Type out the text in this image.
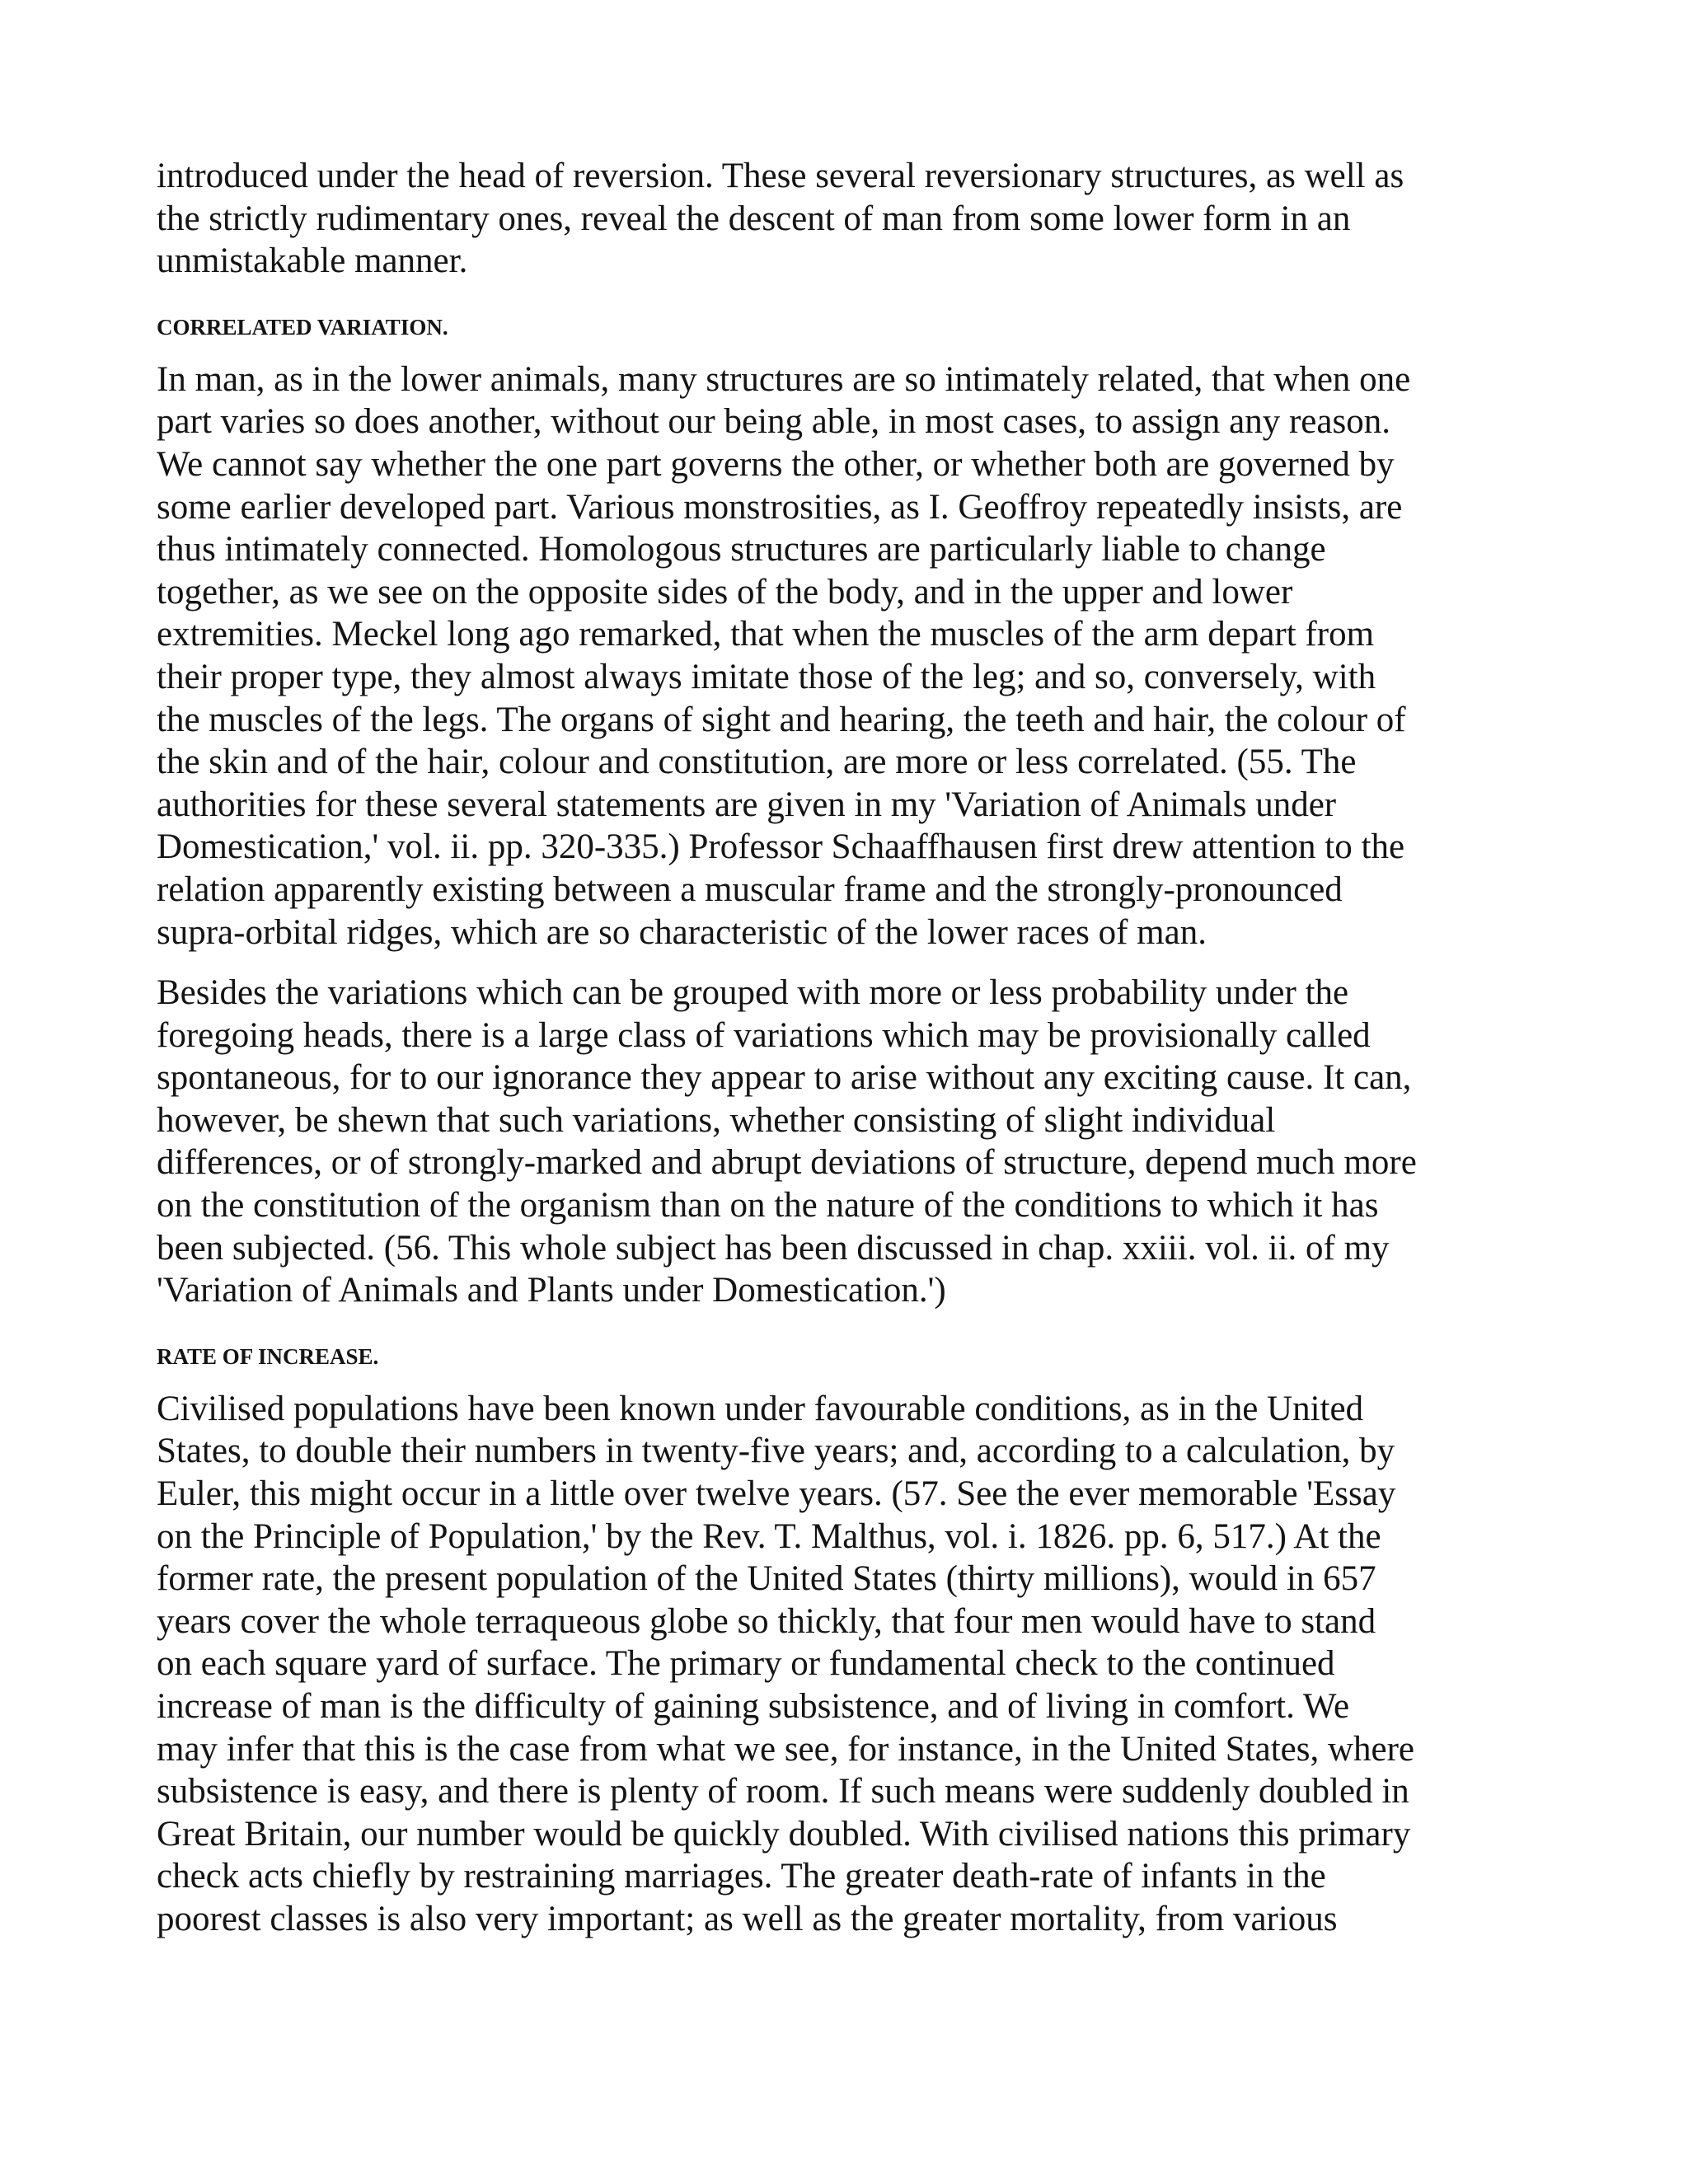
introduced under the head of reversion. These several reversionary structures, as well as
the strictly rudimentary ones, reveal the descent of man from some lower form in an
unmistakable manner.

CORRELATED VARIATION.

In man, as in the lower animals, many structures are so intimately related, that when one
part varies so does another, without our being able, in most cases, to assign any reason.
We cannot say whether the one part governs the other, or whether both are governed by
some earlier developed part. Various monstrosities, as I. Geoffroy repeatedly insists, are
thus intimately connected. Homologous structures are particularly liable to change
together, as we see on the opposite sides of the body, and in the upper and lower
extremities. Meckel long ago remarked, that when the muscles of the arm depart from
their proper type, they almost always imitate those of the leg; and so, conversely, with
the muscles of the legs. The organs of sight and hearing, the teeth and hair, the colour of
the skin and of the hair, colour and constitution, are more or less correlated. (55. The
authorities for these several statements are given in my 'Variation of Animals under
Domestication,' vol. ii. pp. 320-335.) Professor Schaaffhausen first drew attention to the
relation apparently existing between a muscular frame and the strongly-pronounced
supra-orbital ridges, which are so characteristic of the lower races of man.

Besides the variations which can be grouped with more or less probability under the
foregoing heads, there is a large class of variations which may be provisionally called
spontaneous, for to our ignorance they appear to arise without any exciting cause. It can,
however, be shewn that such variations, whether consisting of slight individual
differences, or of strongly-marked and abrupt deviations of structure, depend much more
on the constitution of the organism than on the nature of the conditions to which it has
been subjected. (56. This whole subject has been discussed in chap. xxiii. vol. ii. of my
'Variation of Animals and Plants under Domestication.')

RATE OF INCREASE.

Civilised populations have been known under favourable conditions, as in the United
States, to double their numbers in twenty-five years; and, according to a calculation, by
Euler, this might occur in a little over twelve years. (57. See the ever memorable 'Essay
on the Principle of Population,' by the Rev. T. Malthus, vol. i. 1826. pp. 6, 517.) At the
former rate, the present population of the United States (thirty millions), would in 657
years cover the whole terraqueous globe so thickly, that four men would have to stand
on each square yard of surface. The primary or fundamental check to the continued
increase of man is the difficulty of gaining subsistence, and of living in comfort. We
may infer that this is the case from what we see, for instance, in the United States, where
subsistence is easy, and there is plenty of room. If such means were suddenly doubled in
Great Britain, our number would be quickly doubled. With civilised nations this primary
check acts chiefly by restraining marriages. The greater death-rate of infants in the
poorest classes is also very important; as well as the greater mortality, from various
